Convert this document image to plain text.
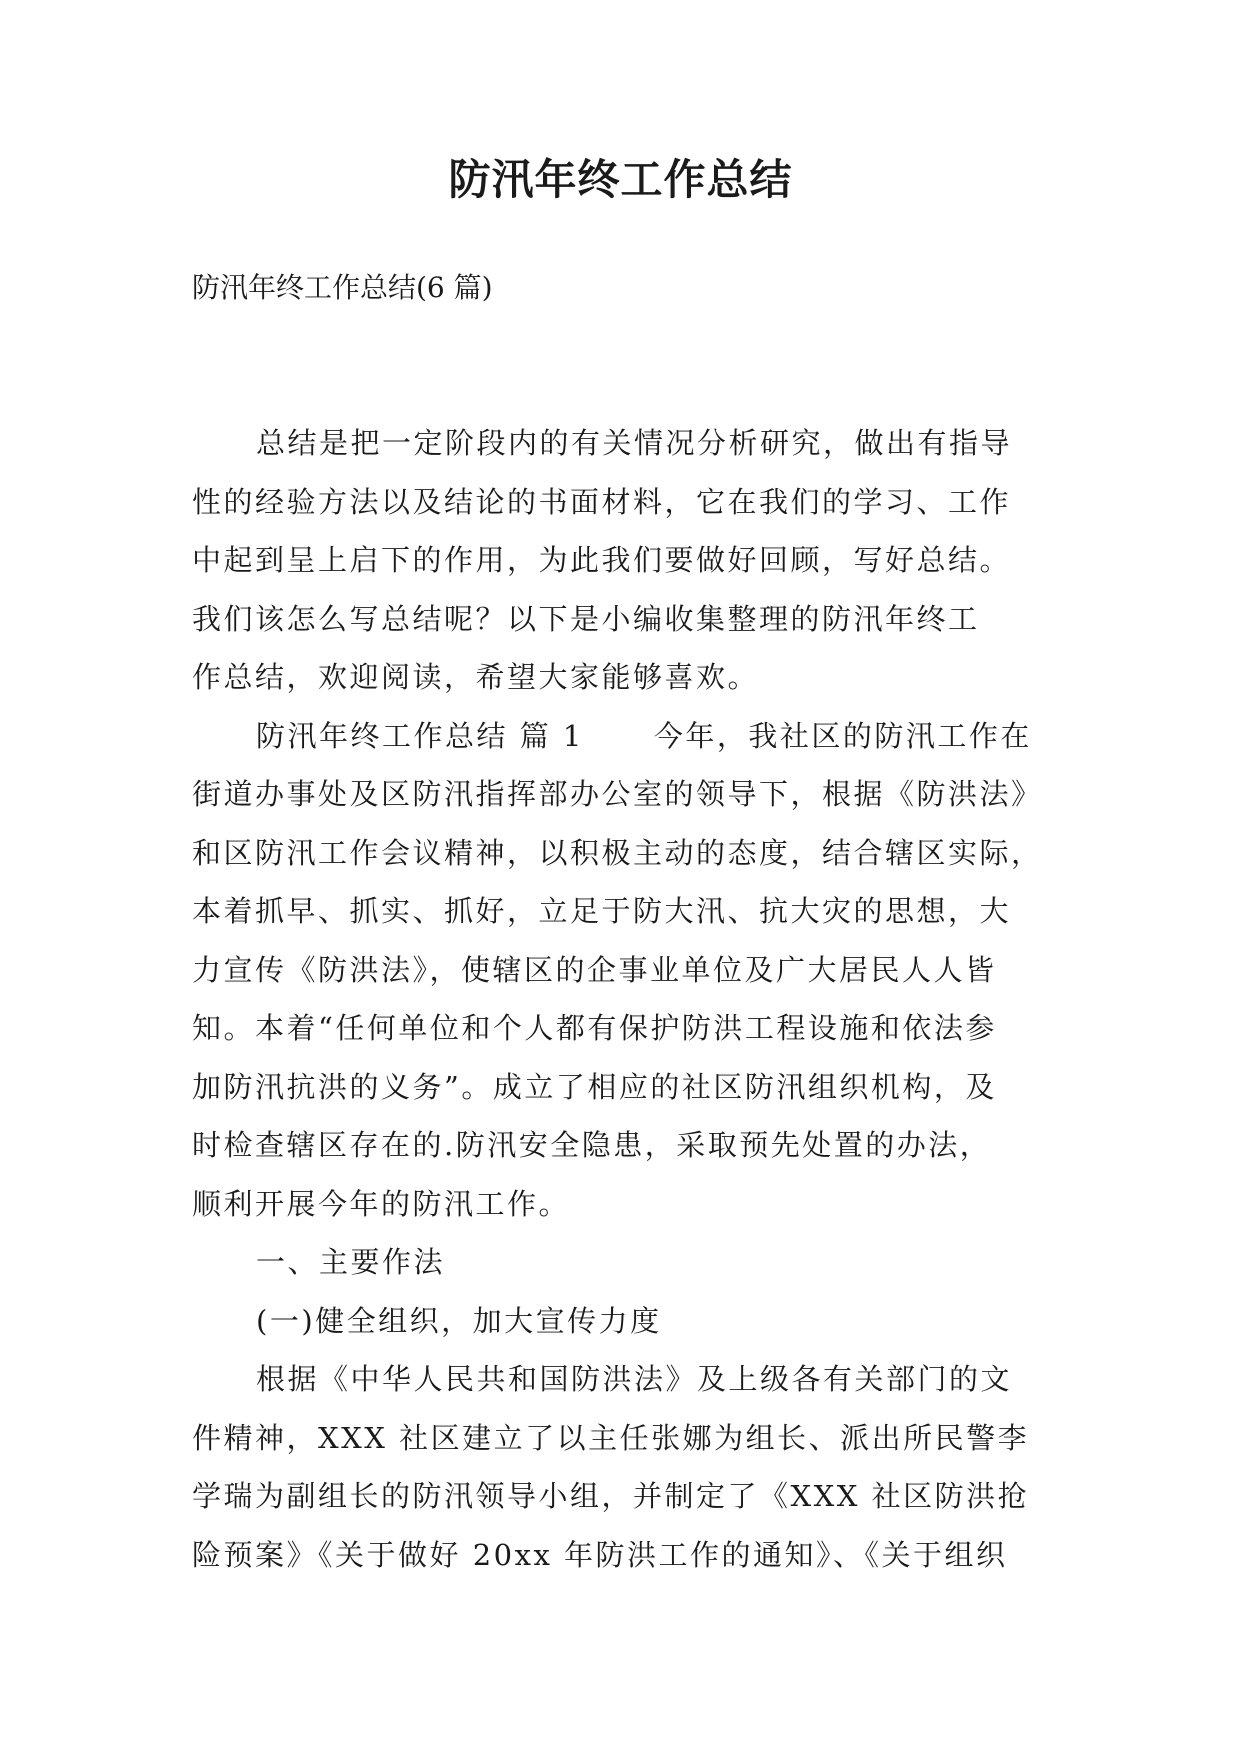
防汛年终工作总结

防汛年终工作总结(6 篇)

总结是把一定阶段内的有关情况分析研究，做出有指导
性的经验方法以及结论的书面材料，它在我们的学习、工作
中起到呈上启下的作用，为此我们要做好回顾，写好总结。
我们该怎么写总结呢？以下是小编收集整理的防汛年终工
作总结，欢迎阅读，希望大家能够喜欢。
防汛年终工作总结 篇 1 今年，我社区的防汛工作在
街道办事处及区防汛指挥部办公室的领导下，根据《防洪法》
和区防汛工作会议精神，以积极主动的态度，结合辖区实际，
本着抓早、抓实、抓好，立足于防大汛、抗大灾的思想，大
力宣传《防洪法》，使辖区的企事业单位及广大居民人人皆
知。本着“任何单位和个人都有保护防洪工程设施和依法参
加防汛抗洪的义务”。成立了相应的社区防汛组织机构，及
时检查辖区存在的.防汛安全隐患，采取预先处置的办法，
顺利开展今年的防汛工作。
一、主要作法
(一)健全组织，加大宣传力度
根据《中华人民共和国防洪法》及上级各有关部门的文
件精神，XXX 社区建立了以主任张娜为组长、派出所民警李
学瑞为副组长的防汛领导小组，并制定了《XXX 社区防洪抢
险预案》《关于做好 20xx 年防洪工作的通知》、《关于组织
